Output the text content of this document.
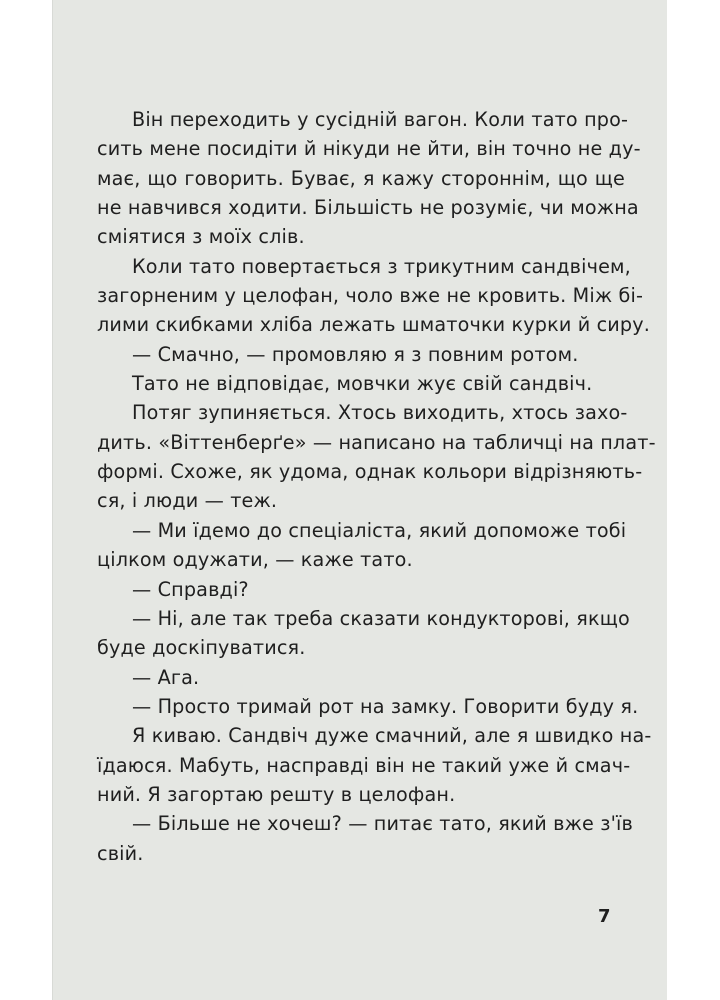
Він переходить у сусідній вагон. Коли тато про-
сить мене посидіти й нікуди не йти, він точно не ду-
має, що говорить. Буває, я кажу стороннім, що ще
не навчився ходити. Більшість не розуміє, чи можна
сміятися з моїх слів.
Коли тато повертається з трикутним сандвічем,
загорненим у целофан, чоло вже не кровить. Між бі-
лими скибками хліба лежать шматочки курки й сиру.
— Смачно, — промовляю я з повним ротом.
Тато не відповідає, мовчки жує свій сандвіч.
Потяг зупиняється. Хтось виходить, хтось захо-
дить. «Віттенберґе» — написано на табличці на плат-
формі. Схоже, як удома, однак кольори відрізняють-
ся, і люди — теж.
— Ми їдемо до спеціаліста, який допоможе тобі
цілком одужати, — каже тато.
— Справді?
— Ні, але так треба сказати кондукторові, якщо
буде доскіпуватися.
— Ага.
— Просто тримай рот на замку. Говорити буду я.
Я киваю. Сандвіч дуже смачний, але я швидко на-
їдаюся. Мабуть, насправді він не такий уже й смач-
ний. Я загортаю решту в целофан.
— Більше не хочеш? — питає тато, який вже з'їв
свій.
7
